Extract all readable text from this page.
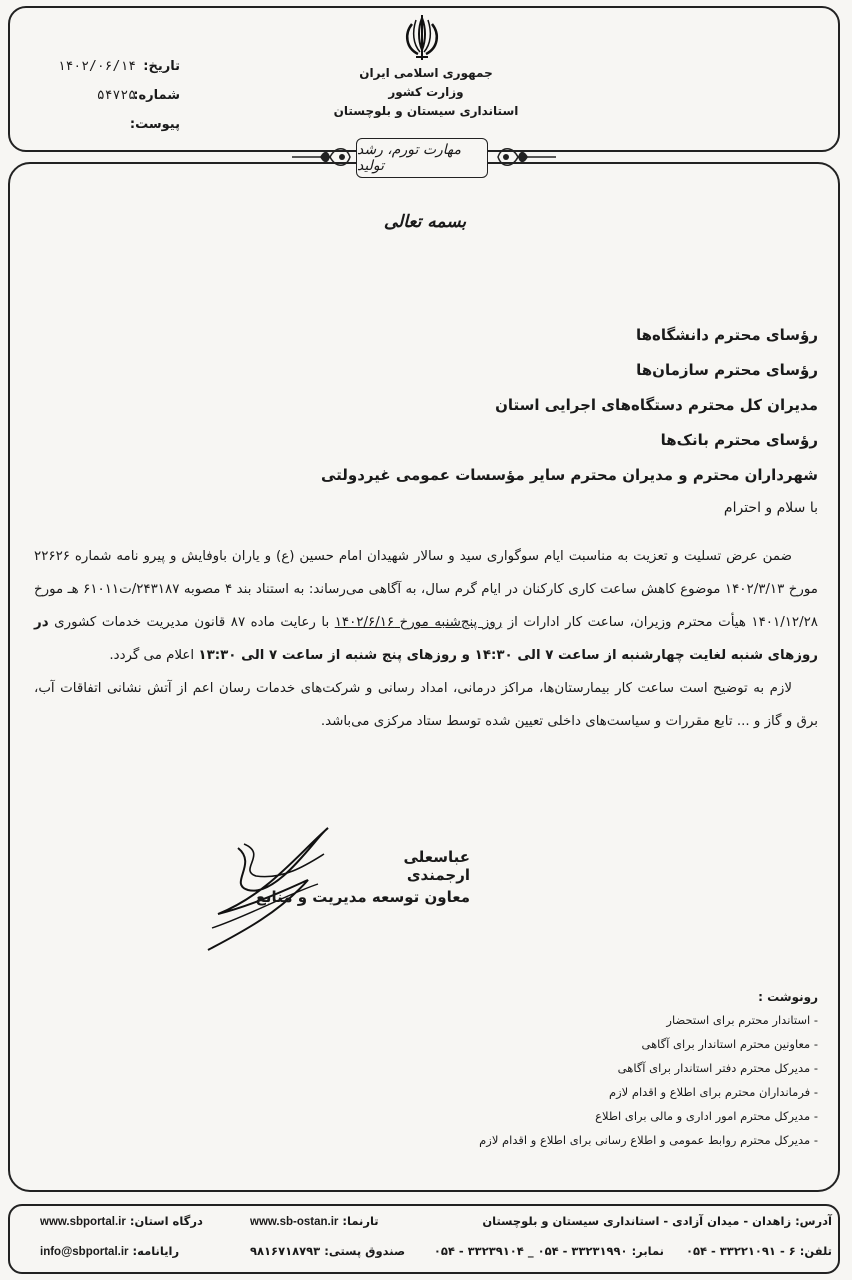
جمهوری اسلامی ایران
وزارت کشور
استانداری سیستان و بلوچستان
تاریخ:
۱۴۰۲/۰۶/۱۴
شماره:
۵۴۷۲۵
پیوست:
مهارت تورم، رشد تولید
بسمه تعالی
رؤسای محترم دانشگاه‌ها
رؤسای محترم سازمان‌ها
مدیران کل محترم دستگاه‌های اجرایی استان
رؤسای محترم بانک‌ها
شهرداران محترم و مدیران محترم سایر مؤسسات عمومی غیردولتی
با سلام و احترام

ضمن عرض تسلیت و تعزیت به مناسبت ایام سوگواری سید و سالار شهیدان امام حسین (ع) و یاران باوفایش و پیرو نامه شماره ۲۲۶۲۶ مورخ ۱۴۰۲/۳/۱۳ موضوع کاهش ساعت کاری کارکنان در ایام گرم سال، به آگاهی می‌رساند: به استناد بند ۴ مصوبه ۲۴۳۱۸۷/ت۶۱۰۱۱ هـ مورخ ۱۴۰۱/۱۲/۲۸ هیأت محترم وزیران، ساعت کار ادارات از روز پنج‌شنبه مورخ ۱۴۰۲/۶/۱۶ با رعایت ماده ۸۷ قانون مدیریت خدمات کشوری در روزهای شنبه لغایت چهارشنبه از ساعت ۷ الی ۱۴:۳۰ و روزهای پنج شنبه از ساعت ۷ الی ۱۳:۳۰ اعلام می گردد.

لازم به توضیح است ساعت کار بیمارستان‌ها، مراکز درمانی، امداد رسانی و شرکت‌های خدمات رسان اعم از آتش نشانی اتفاقات آب، برق و گاز و ... تابع مقررات و سیاست‌های داخلی تعیین شده توسط ستاد مرکزی می‌باشد.

عباسعلی ارجمندی
معاون توسعه مدیریت و منابع
رونوشت :
- استاندار محترم برای استحضار
- معاونین محترم استاندار برای آگاهی
- مدیرکل محترم دفتر استاندار برای آگاهی
- فرمانداران محترم برای اطلاع و اقدام لازم
- مدیرکل محترم امور اداری و مالی برای اطلاع
- مدیرکل محترم روابط عمومی و اطلاع رسانی برای اطلاع و اقدام لازم
آدرس: زاهدان - میدان آزادی - استانداری سیستان و بلوچستان
تلفن: ۶ - ۳۳۲۲۱۰۹۱ - ۰۵۴
نمابر: ۳۳۲۳۱۹۹۰ - ۰۵۴ _ ۳۳۲۳۹۱۰۴ - ۰۵۴
تارنما: www.sb-ostan.ir
صندوق پستی: ۹۸۱۶۷۱۸۷۹۳
درگاه استان: www.sbportal.ir
رایانامه: info@sbportal.ir
